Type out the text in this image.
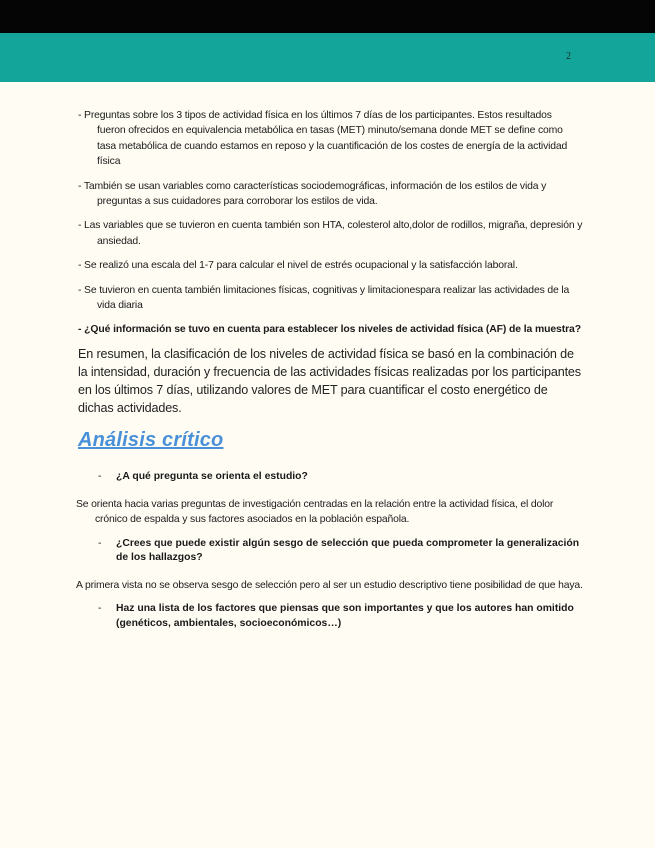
2

- Preguntas sobre los 3 tipos de actividad física en los últimos 7 días de los participantes. Estos resultados fueron ofrecidos en equivalencia metabólica en tasas (MET) minuto/semana donde MET se define como tasa metabólica de cuando estamos en reposo y la cuantificación de los costes de energía de la actividad física

- También se usan variables como características sociodemográficas, información de los estilos de vida y preguntas a sus cuidadores para corroborar los estilos de vida.

- Las variables que se tuvieron en cuenta también son HTA, colesterol alto,dolor de rodillos, migraña, depresión y ansiedad.

- Se realizó una escala del 1-7 para calcular el nivel de estrés ocupacional y la satisfacción laboral.

- Se tuvieron en cuenta también limitaciones físicas, cognitivas y limitacionespara realizar las actividades de la vida diaria

- ¿Qué información se tuvo en cuenta para establecer los niveles de actividad física (AF) de la muestra?

En resumen, la clasificación de los niveles de actividad física se basó en la combinación de la intensidad, duración y frecuencia de las actividades físicas realizadas por los participantes en los últimos 7 días, utilizando valores de MET para cuantificar el costo energético de dichas actividades.

Análisis crítico
-	¿A qué pregunta se orienta el estudio?

Se orienta hacia varias preguntas de investigación centradas en la relación entre la actividad física, el dolor crónico de espalda y sus factores asociados en la población española.

-	¿Crees que puede existir algún sesgo de selección que pueda comprometer la generalización de los hallazgos?

A primera vista no se observa sesgo de selección pero al ser un estudio descriptivo tiene posibilidad de que haya.

-	Haz una lista de los factores que piensas que son importantes y que los autores han omitido (genéticos, ambientales, socioeconómicos…)
